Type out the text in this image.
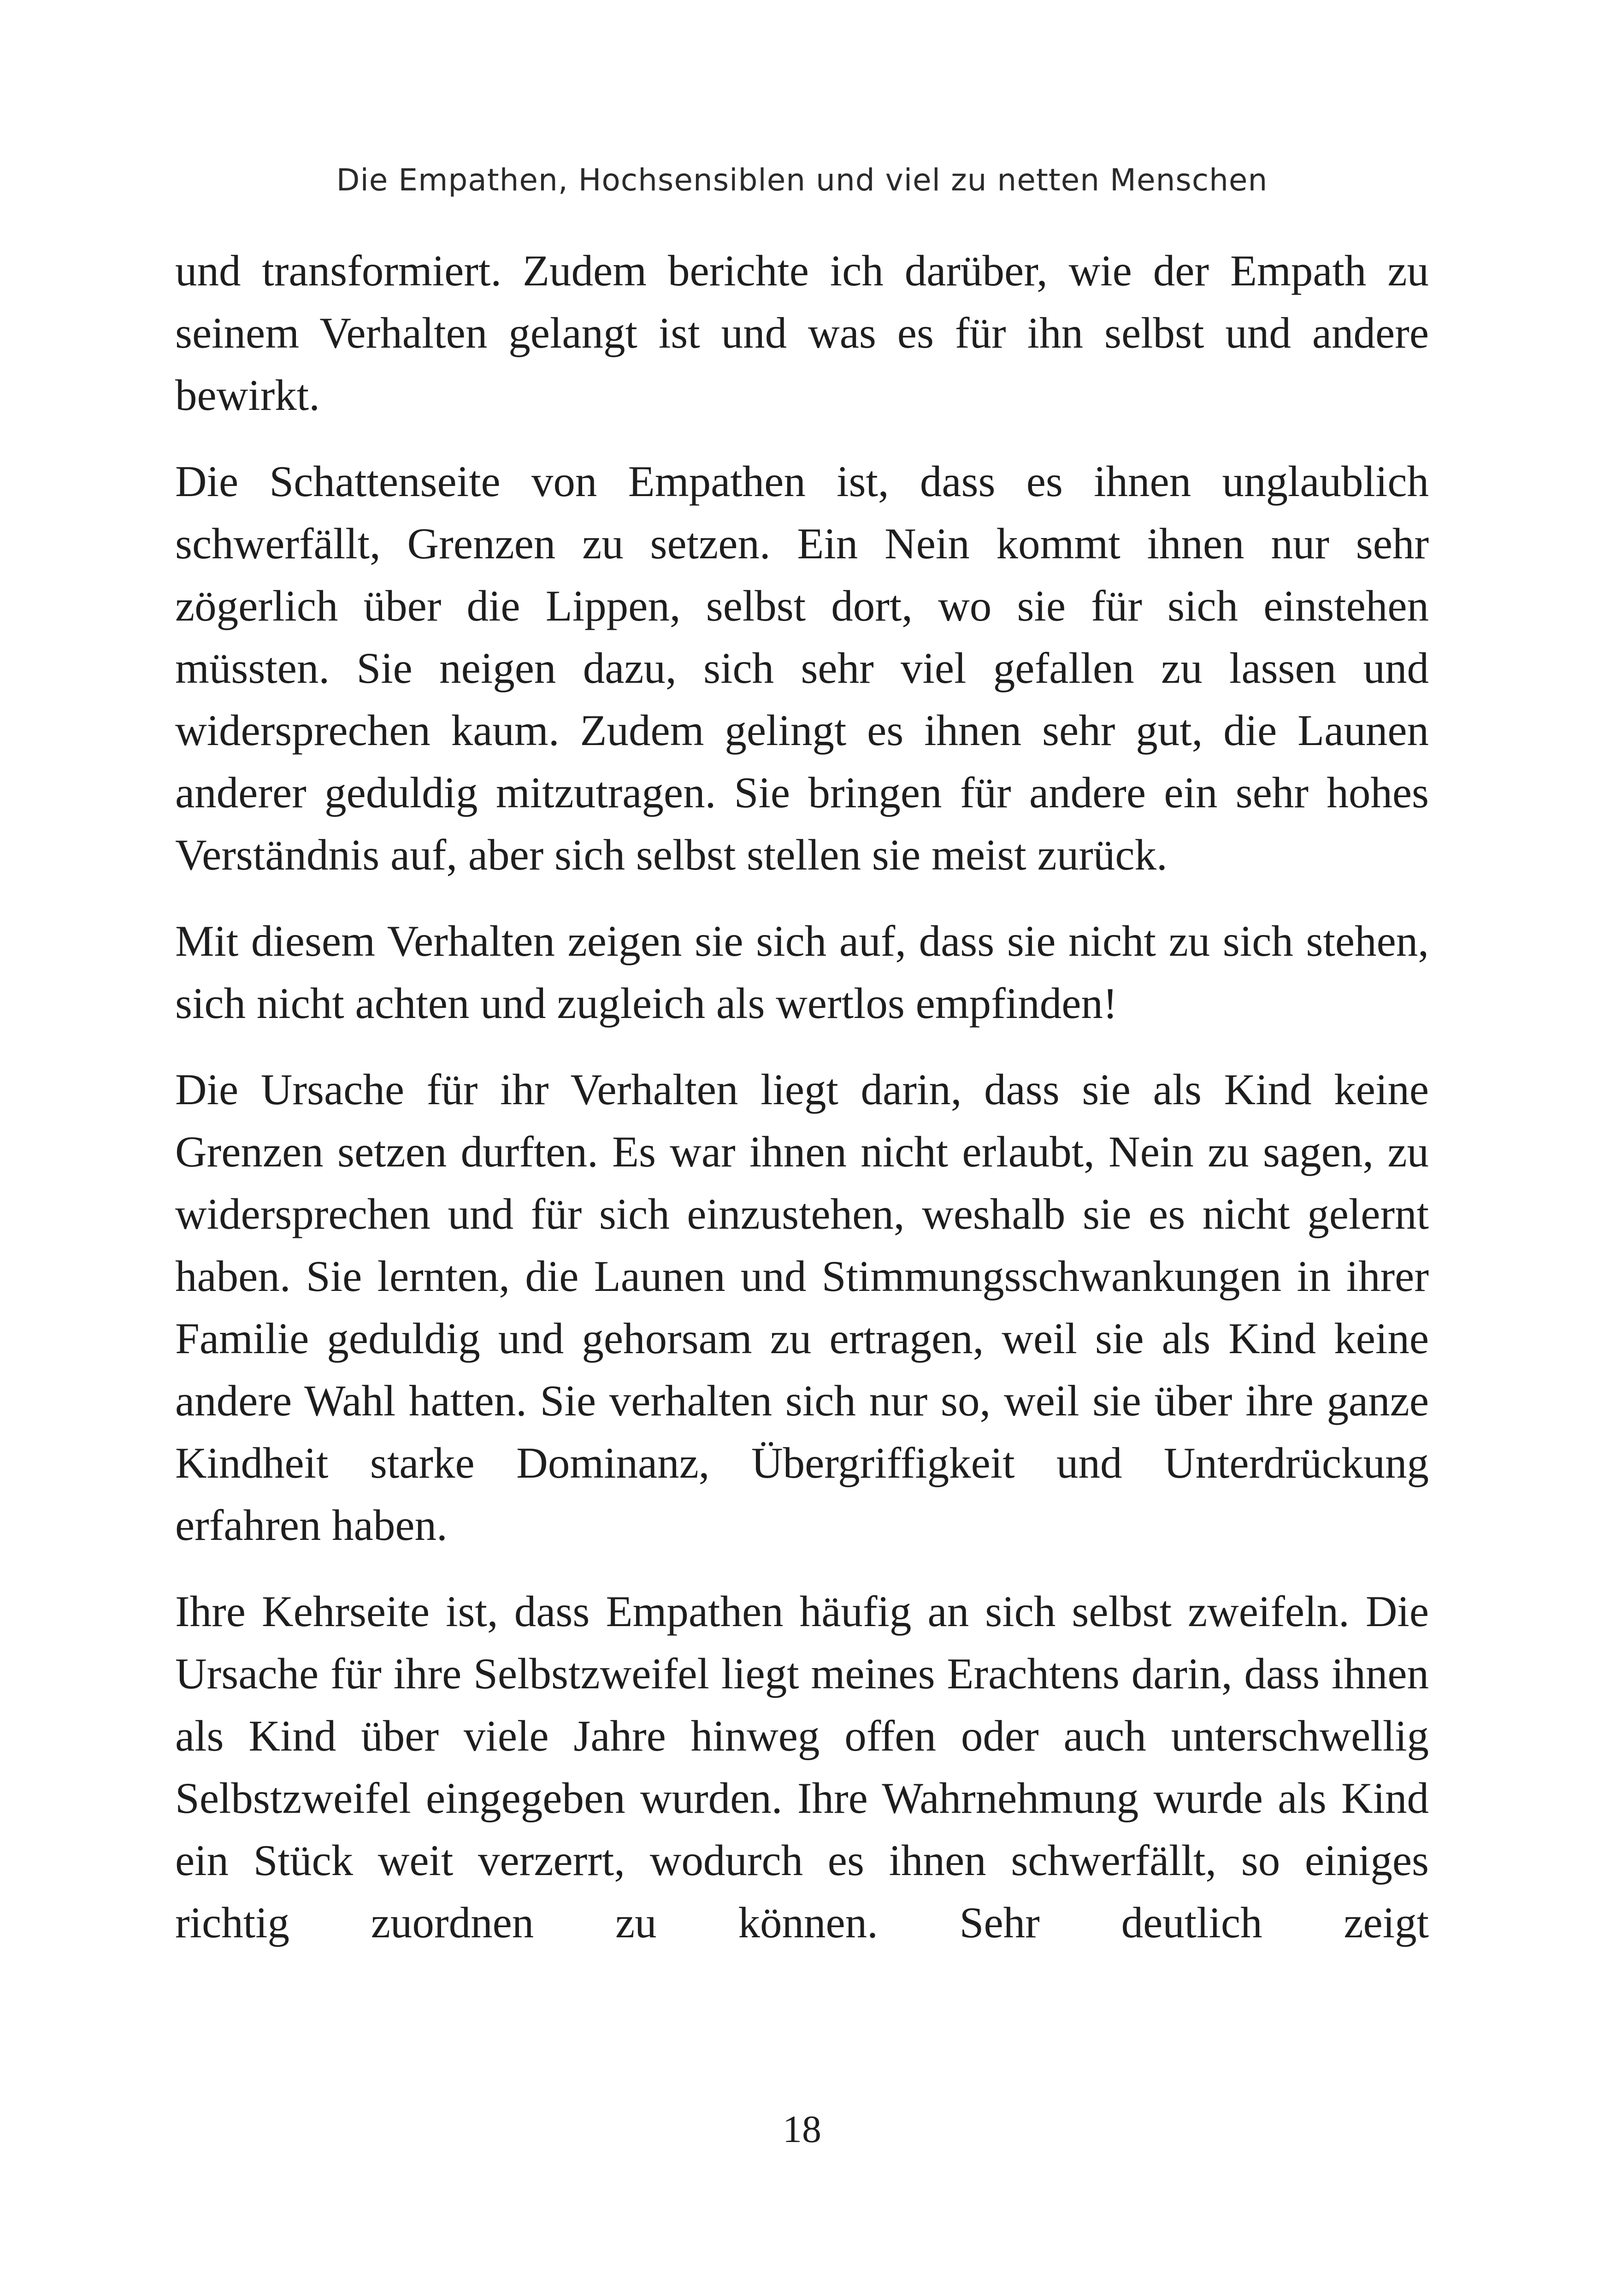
Die Empathen, Hochsensiblen und viel zu netten Menschen

und transformiert. Zudem berichte ich darüber, wie der Empath zu seinem Verhalten gelangt ist und was es für ihn selbst und andere bewirkt.

Die Schattenseite von Empathen ist, dass es ihnen unglaublich schwerfällt, Grenzen zu setzen. Ein Nein kommt ihnen nur sehr zögerlich über die Lippen, selbst dort, wo sie für sich einstehen müssten. Sie neigen dazu, sich sehr viel gefallen zu lassen und widersprechen kaum. Zudem gelingt es ihnen sehr gut, die Launen anderer geduldig mitzutragen. Sie bringen für andere ein sehr hohes Verständnis auf, aber sich selbst stellen sie meist zurück.

Mit diesem Verhalten zeigen sie sich auf, dass sie nicht zu sich stehen, sich nicht achten und zugleich als wertlos empfinden!

Die Ursache für ihr Verhalten liegt darin, dass sie als Kind keine Grenzen setzen durften. Es war ihnen nicht erlaubt, Nein zu sagen, zu widersprechen und für sich einzustehen, weshalb sie es nicht gelernt haben. Sie lernten, die Launen und Stimmungsschwankungen in ihrer Familie geduldig und gehorsam zu ertragen, weil sie als Kind keine andere Wahl hatten. Sie verhalten sich nur so, weil sie über ihre ganze Kindheit starke Dominanz, Übergriffigkeit und Unterdrückung erfahren haben.

Ihre Kehrseite ist, dass Empathen häufig an sich selbst zweifeln. Die Ursache für ihre Selbstzweifel liegt meines Erachtens darin, dass ihnen als Kind über viele Jahre hinweg offen oder auch unterschwellig Selbstzweifel eingegeben wurden. Ihre Wahrnehmung wurde als Kind ein Stück weit verzerrt, wodurch es ihnen schwerfällt, so einiges richtig zuordnen zu können. Sehr deutlich zeigt

18
